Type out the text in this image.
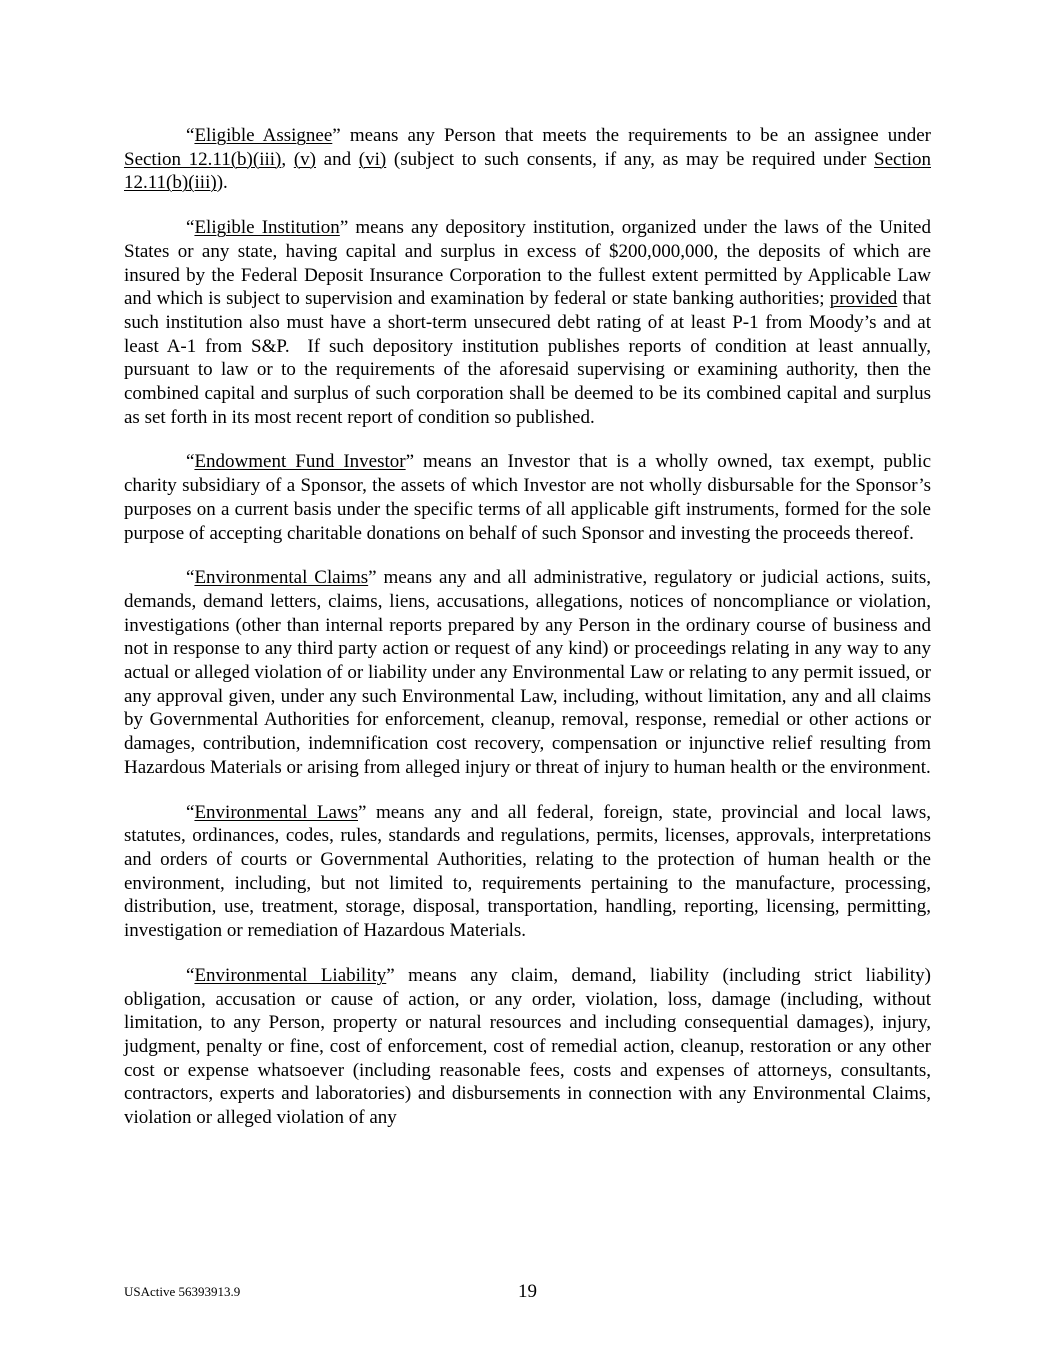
“Eligible Assignee” means any Person that meets the requirements to be an assignee under Section 12.11(b)(iii), (v) and (vi) (subject to such consents, if any, as may be required under Section 12.11(b)(iii)).

“Eligible Institution” means any depository institution, organized under the laws of the United States or any state, having capital and surplus in excess of $200,000,000, the deposits of which are insured by the Federal Deposit Insurance Corporation to the fullest extent permitted by Applicable Law and which is subject to supervision and examination by federal or state banking authorities; provided that such institution also must have a short-term unsecured debt rating of at least P-1 from Moody’s and at least A-1 from S&P.  If such depository institution publishes reports of condition at least annually, pursuant to law or to the requirements of the aforesaid supervising or examining authority, then the combined capital and surplus of such corporation shall be deemed to be its combined capital and surplus as set forth in its most recent report of condition so published.

“Endowment Fund Investor” means an Investor that is a wholly owned, tax exempt, public charity subsidiary of a Sponsor, the assets of which Investor are not wholly disbursable for the Sponsor’s purposes on a current basis under the specific terms of all applicable gift instruments, formed for the sole purpose of accepting charitable donations on behalf of such Sponsor and investing the proceeds thereof.

“Environmental Claims” means any and all administrative, regulatory or judicial actions, suits, demands, demand letters, claims, liens, accusations, allegations, notices of noncompliance or violation, investigations (other than internal reports prepared by any Person in the ordinary course of business and not in response to any third party action or request of any kind) or proceedings relating in any way to any actual or alleged violation of or liability under any Environmental Law or relating to any permit issued, or any approval given, under any such Environmental Law, including, without limitation, any and all claims by Governmental Authorities for enforcement, cleanup, removal, response, remedial or other actions or damages, contribution, indemnification cost recovery, compensation or injunctive relief resulting from Hazardous Materials or arising from alleged injury or threat of injury to human health or the environment.

“Environmental Laws” means any and all federal, foreign, state, provincial and local laws, statutes, ordinances, codes, rules, standards and regulations, permits, licenses, approvals, interpretations and orders of courts or Governmental Authorities, relating to the protection of human health or the environment, including, but not limited to, requirements pertaining to the manufacture, processing, distribution, use, treatment, storage, disposal, transportation, handling, reporting, licensing, permitting, investigation or remediation of Hazardous Materials.

“Environmental Liability” means any claim, demand, liability (including strict liability) obligation, accusation or cause of action, or any order, violation, loss, damage (including, without limitation, to any Person, property or natural resources and including consequential damages), injury, judgment, penalty or fine, cost of enforcement, cost of remedial action, cleanup, restoration or any other cost or expense whatsoever (including reasonable fees, costs and expenses of attorneys, consultants, contractors, experts and laboratories) and disbursements in connection with any Environmental Claims, violation or alleged violation of any

USActive 56393913.9	19
